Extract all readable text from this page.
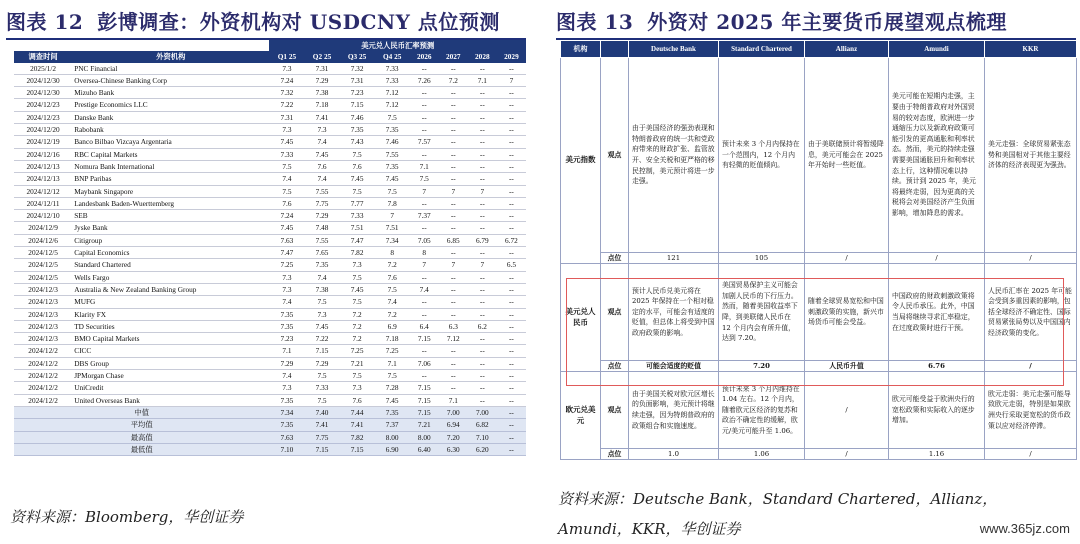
图表 12 彭博调查：外资机构对 USDCNY 点位预测
		美元兑人民币汇率预测							
调查时间	外资机构	Q1 25	Q2 25	Q3 25	Q4 25	2026	2027	2028	2029
2025/1/2	PNC Financial	7.3	7.31	7.32	7.33	--	--	--	--
2024/12/30	Oversea-Chinese Banking Corp	7.24	7.29	7.31	7.33	7.26	7.2	7.1	7
2024/12/30	Mizuho Bank	7.32	7.38	7.23	7.12	--	--	--	--
2024/12/23	Prestige Economics LLC	7.22	7.18	7.15	7.12	--	--	--	--
2024/12/23	Danske Bank	7.31	7.41	7.46	7.5	--	--	--	--
2024/12/20	Rabobank	7.3	7.3	7.35	7.35	--	--	--	--
2024/12/19	Banco Bilbao Vizcaya Argentaria	7.45	7.4	7.43	7.46	7.57	--	--	--
2024/12/16	RBC Capital Markets	7.33	7.45	7.5	7.55	--	--	--	--
2024/12/13	Nomura Bank International	7.5	7.6	7.6	7.35	7.1	--	--	--
2024/12/13	BNP Paribas	7.4	7.4	7.45	7.45	7.5	--	--	--
2024/12/12	Maybank Singapore	7.5	7.55	7.5	7.5	7	7	7	--
2024/12/11	Landesbank Baden-Wuerttemberg	7.6	7.75	7.77	7.8	--	--	--	--
2024/12/10	SEB	7.24	7.29	7.33	7	7.37	--	--	--
2024/12/9	Jyske Bank	7.45	7.48	7.51	7.51	--	--	--	--
2024/12/6	Citigroup	7.63	7.55	7.47	7.34	7.05	6.85	6.79	6.72
2024/12/5	Capital Economics	7.47	7.65	7.82	8	8	--	--	--
2024/12/5	Standard Chartered	7.25	7.35	7.3	7.2	7	7	7	6.5
2024/12/5	Wells Fargo	7.3	7.4	7.5	7.6	--	--	--	--
2024/12/3	Australia & New Zealand Banking Group	7.3	7.38	7.45	7.5	7.4	--	--	--
2024/12/3	MUFG	7.4	7.5	7.5	7.4	--	--	--	--
2024/12/3	Klarity FX	7.35	7.3	7.2	7.2	--	--	--	--
2024/12/3	TD Securities	7.35	7.45	7.2	6.9	6.4	6.3	6.2	--
2024/12/3	BMO Capital Markets	7.23	7.22	7.2	7.18	7.15	7.12	--	--
2024/12/2	CICC	7.1	7.15	7.25	7.25	--	--	--	--
2024/12/2	DBS Group	7.29	7.29	7.21	7.1	7.06	--	--	--
2024/12/2	JPMorgan Chase	7.4	7.5	7.5	7.5	--	--	--	--
2024/12/2	UniCredit	7.3	7.33	7.3	7.28	7.15	--	--	--
2024/12/2	United Overseas Bank	7.35	7.5	7.6	7.45	7.15	7.1	--	--
中值		7.34	7.40	7.44	7.35	7.15	7.00	7.00	--
平均值		7.35	7.41	7.41	7.37	7.21	6.94	6.82	--
最高值		7.63	7.75	7.82	8.00	8.00	7.20	7.10	--
最低值		7.10	7.15	7.15	6.90	6.40	6.30	6.20	--
资料来源：Bloomberg，华创证券
图表 13 外资对 2025 年主要货币展望观点梳理
机构		Deutsche Bank	Standard Chartered	Allianz	Amundi	KKR
美元指数	观点	由于美国经济的强劲表现和特朗普政府的统一共和党政府带来的财政扩张、监管放开、安全关税和更严格的移民控制，美元预计将进一步走强。	预计未来 3 个月内保持在一个范围内，12 个月内有轻微的贬值倾向。	由于美联储预计将暂缓降息，美元可能会在 2025 年开始时一些贬值。	美元可能在短期内走强，主要由于特朗普政府对外国贸易的较对态度，欧洲进一步通缩压力以及新政府政策可能引发的更高通胀和利率状态。然而，美元的持续走强需要美国通胀回升和利率状态上行，这种情况难以持续。预计到 2025 年，美元将最终走弱，因为更高的关税将会对美国经济产生负面影响，增加降息的需求。	美元走强：全球贸易紧张态势和美国相对于其他主要经济体的经济表现更为强劲。
	点位	121	105	/	/	/
美元兑人民币	观点	预计人民币兑美元将在 2025 年保持在一个相对稳定的水平，可能会有适度的贬值，但总体上将受到中国政府政策的影响。	美国贸易保护主义可能会加剧人民币的下行压力。然而，随着美国收益率下降，到美联储人民币在 12 个月内会有所升值，达到 7.20。	随着全球贸易宽松和中国刺激政策的实施，新兴市场货币可能会受益。	中国政府的财政刺激政策将令人民币承压。此外，中国当局将继续寻求汇率稳定，在过度政策时进行干预。	人民币汇率在 2025 年可能会受到多重因素的影响，包括全球经济不确定性、国际贸易紧张局势以及中国国内经济政策的变化。
	点位	可能会适度的贬值	7.20	人民币升值	6.76	/
欧元兑美元	观点	由于美国关税对欧元区增长的负面影响，美元预计将继续走强，因为特朗普政府的政策组合和实施速度。	预计未来 3 个月内维持在 1.04 左右。12 个月内，随着欧元区经济的复苏和政治不确定性的缓解，欧元/美元可能升至 1.06。	/	欧元可能受益于欧洲央行的宽松政策和实际收入的逐步增加。	欧元走弱：美元走强可能导致欧元走弱，特别是如果欧洲央行采取更宽松的货币政策以应对经济停滞。
	点位	1.0	1.06	/	1.16	/
资料来源：Deutsche Bank，Standard Chartered，Allianz，
Amundi，KKR，华创证券	www.365jz.com
